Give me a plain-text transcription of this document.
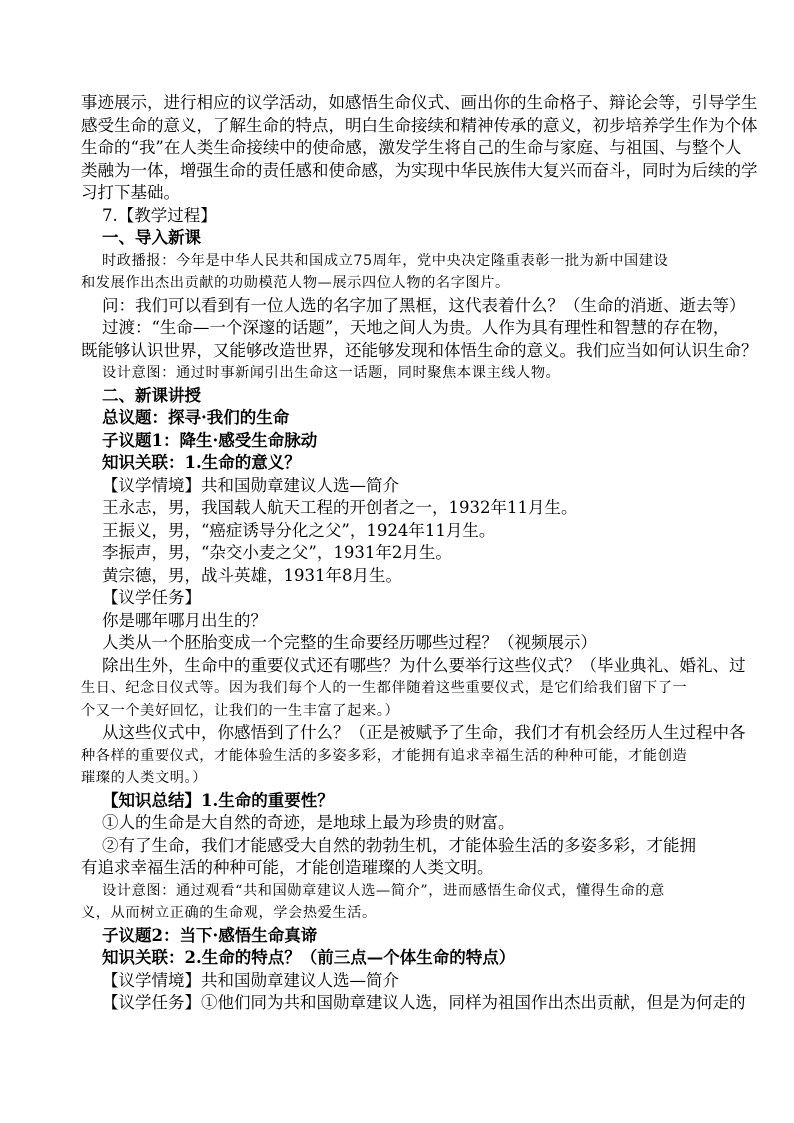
事迹展示，进行相应的议学活动，如感悟生命仪式、画出你的生命格子、辩论会等，引导学生
感受生命的意义，了解生命的特点，明白生命接续和精神传承的意义，初步培养学生作为个体
生命的“我”在人类生命接续中的使命感，激发学生将自己的生命与家庭、与祖国、与整个人
类融为一体，增强生命的责任感和使命感，为实现中华民族伟大复兴而奋斗，同时为后续的学
习打下基础。
7.【教学过程】
一、导入新课
时政播报：今年是中华人民共和国成立75周年，党中央决定隆重表彰一批为新中国建设
和发展作出杰出贡献的功勋模范人物—展示四位人物的名字图片。
问：我们可以看到有一位人选的名字加了黑框，这代表着什么？（生命的消逝、逝去等）
过渡：“生命—一个深邃的话题”，天地之间人为贵。人作为具有理性和智慧的存在物，
既能够认识世界，又能够改造世界，还能够发现和体悟生命的意义。我们应当如何认识生命？
设计意图：通过时事新闻引出生命这一话题，同时聚焦本课主线人物。
二、新课讲授
总议题：探寻·我们的生命
子议题1：降生·感受生命脉动
知识关联：1.生命的意义？
【议学情境】共和国勋章建议人选—简介
王永志，男，我国载人航天工程的开创者之一，1932年11月生。
王振义，男，“癌症诱导分化之父”，1924年11月生。
李振声，男，“杂交小麦之父”，1931年2月生。
黄宗德，男，战斗英雄，1931年8月生。
【议学任务】
你是哪年哪月出生的？
人类从一个胚胎变成一个完整的生命要经历哪些过程？（视频展示）
除出生外，生命中的重要仪式还有哪些？为什么要举行这些仪式？（毕业典礼、婚礼、过
生日、纪念日仪式等。因为我们每个人的一生都伴随着这些重要仪式，是它们给我们留下了一
个又一个美好回忆，让我们的一生丰富了起来。）
从这些仪式中，你感悟到了什么？（正是被赋予了生命，我们才有机会经历人生过程中各
种各样的重要仪式，才能体验生活的多姿多彩，才能拥有追求幸福生活的种种可能，才能创造
璀璨的人类文明。）
【知识总结】1.生命的重要性？
①人的生命是大自然的奇迹，是地球上最为珍贵的财富。
②有了生命，我们才能感受大自然的勃勃生机，才能体验生活的多姿多彩，才能拥
有追求幸福生活的种种可能，才能创造璀璨的人类文明。
设计意图：通过观看“共和国勋章建议人选—简介”，进而感悟生命仪式，懂得生命的意
义，从而树立正确的生命观，学会热爱生活。
子议题2：当下·感悟生命真谛
知识关联：2.生命的特点？（前三点—个体生命的特点）
【议学情境】共和国勋章建议人选—简介
【议学任务】①他们同为共和国勋章建议人选，同样为祖国作出杰出贡献，但是为何走的
